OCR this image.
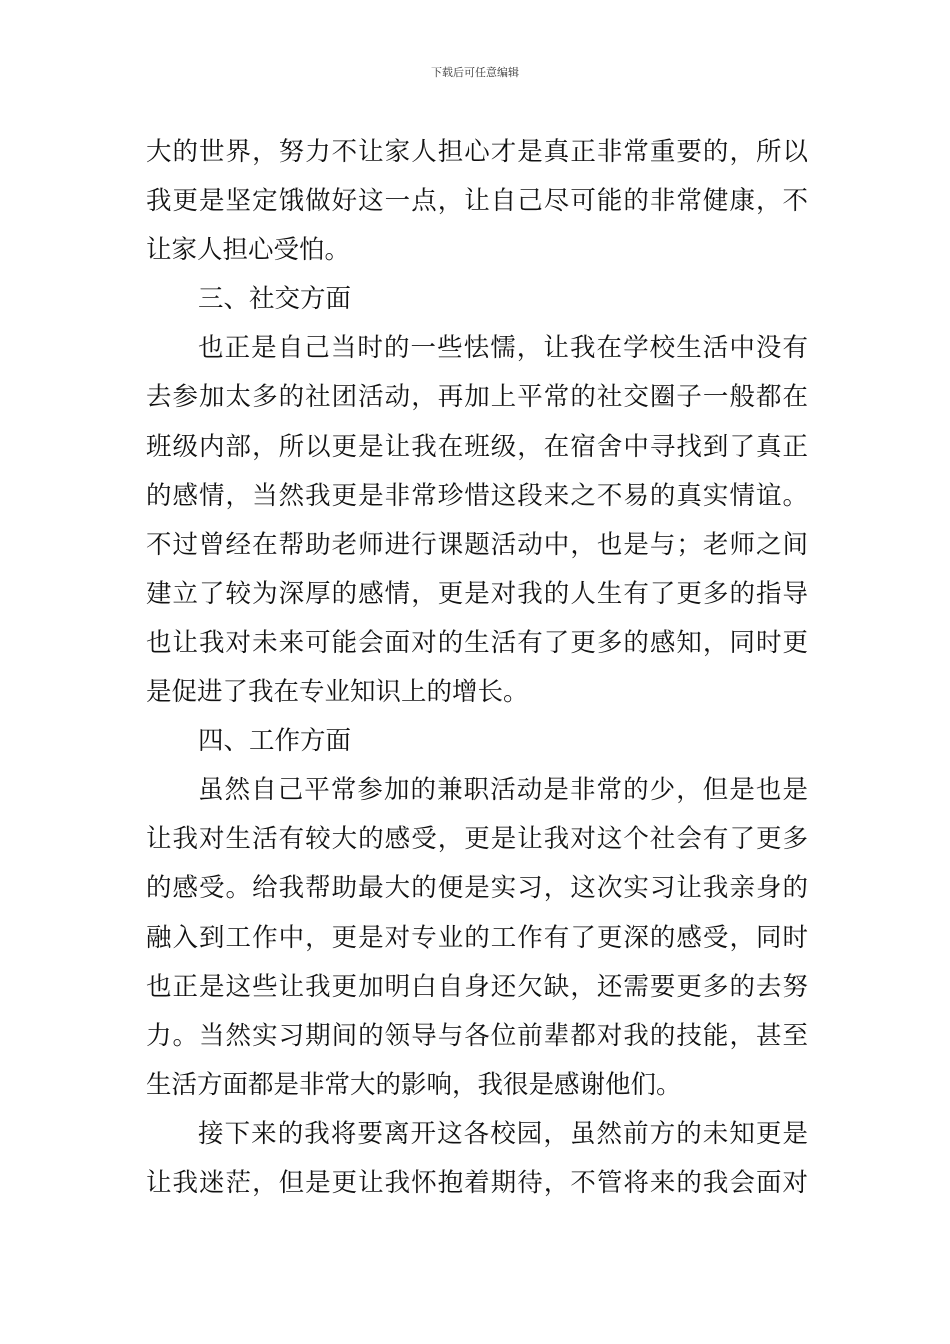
下载后可任意编辑
大的世界，努力不让家人担心才是真正非常重要的，所以
我更是坚定饿做好这一点，让自己尽可能的非常健康，不
让家人担心受怕。
三、社交方面
也正是自己当时的一些怯懦，让我在学校生活中没有
去参加太多的社团活动，再加上平常的社交圈子一般都在
班级内部，所以更是让我在班级，在宿舍中寻找到了真正
的感情，当然我更是非常珍惜这段来之不易的真实情谊。
不过曾经在帮助老师进行课题活动中，也是与；老师之间
建立了较为深厚的感情，更是对我的人生有了更多的指导
也让我对未来可能会面对的生活有了更多的感知，同时更
是促进了我在专业知识上的增长。
四、工作方面
虽然自己平常参加的兼职活动是非常的少，但是也是
让我对生活有较大的感受，更是让我对这个社会有了更多
的感受。给我帮助最大的便是实习，这次实习让我亲身的
融入到工作中，更是对专业的工作有了更深的感受，同时
也正是这些让我更加明白自身还欠缺，还需要更多的去努
力。当然实习期间的领导与各位前辈都对我的技能，甚至
生活方面都是非常大的影响，我很是感谢他们。
接下来的我将要离开这各校园，虽然前方的未知更是
让我迷茫，但是更让我怀抱着期待，不管将来的我会面对
